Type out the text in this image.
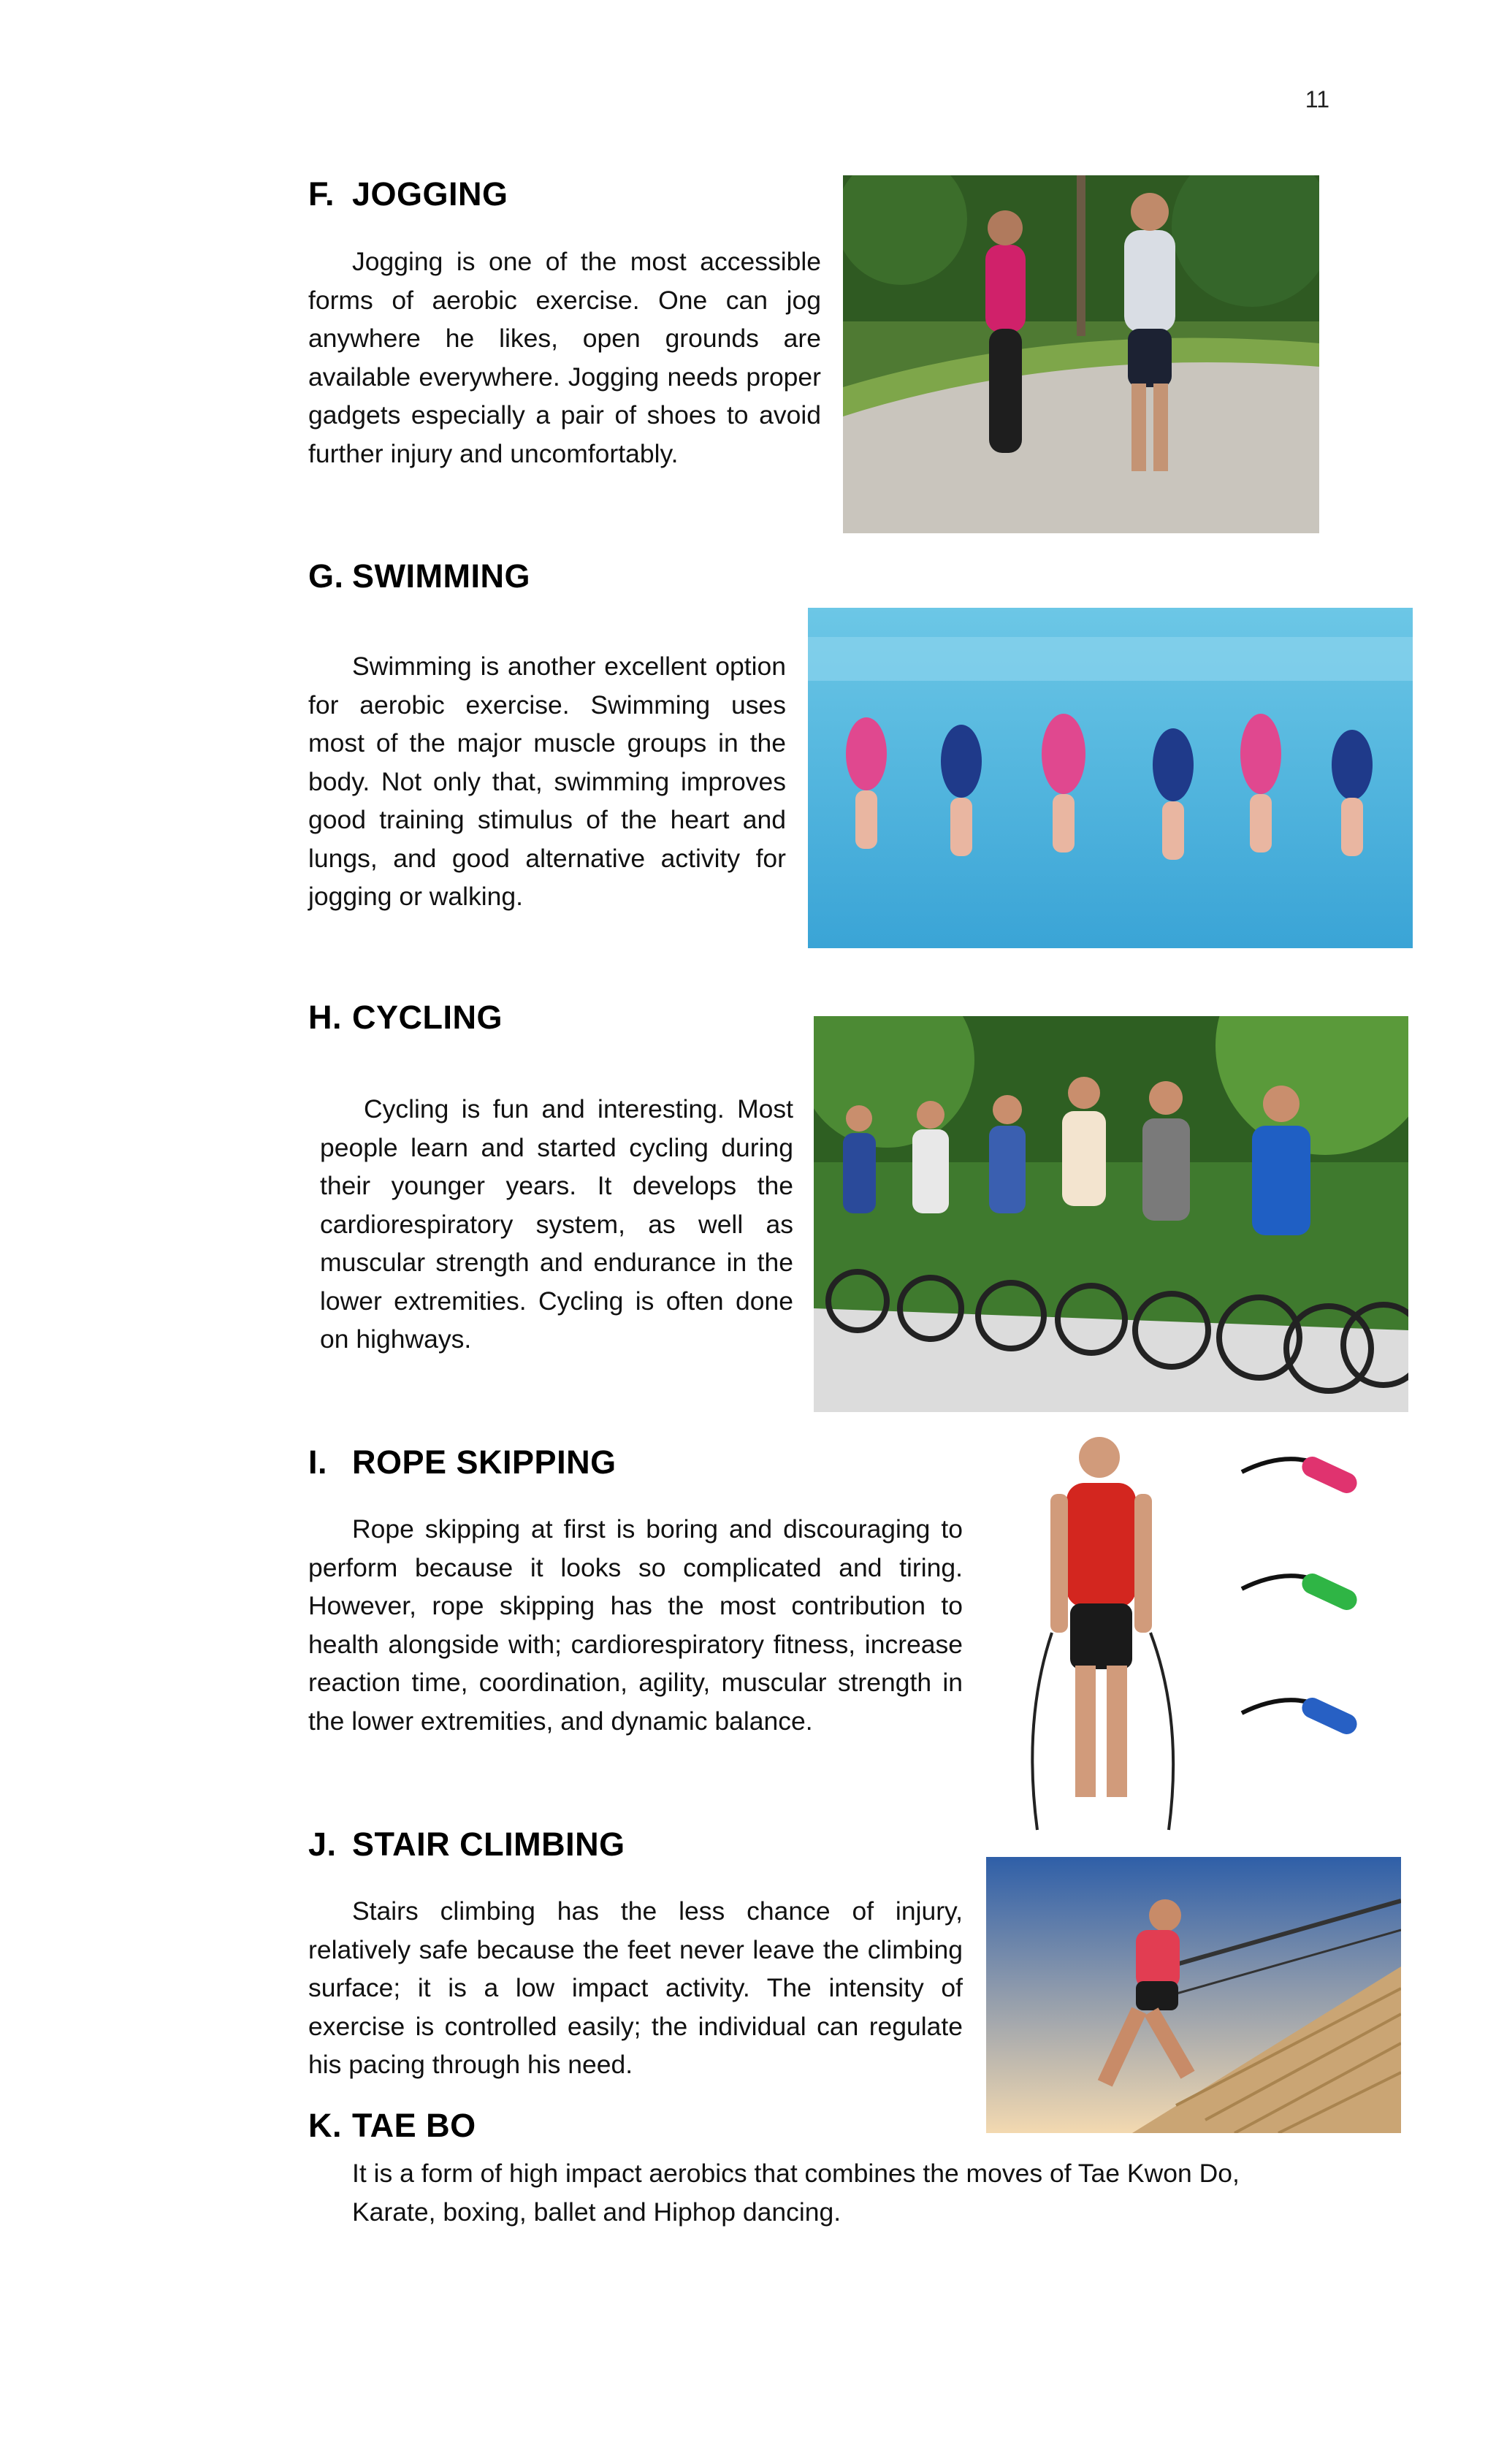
11
F. JOGGING

Jogging is one of the most accessible forms of aerobic exercise. One can jog anywhere he likes, open grounds are available everywhere. Jogging needs proper gadgets especially a pair of shoes to avoid further injury and uncomfortably.

G. SWIMMING

Swimming is another excellent option for aerobic exercise. Swimming uses most of the major muscle groups in the body. Not only that, swimming improves good training stimulus of the heart and lungs, and good alternative activity for jogging or walking.

H. CYCLING

Cycling is fun and interesting. Most people learn and started cycling during their younger years. It develops the cardiorespiratory system, as well as muscular strength and endurance in the lower extremities. Cycling is often done on highways.

I. ROPE SKIPPING

Rope skipping at first is boring and discouraging to perform because it looks so complicated and tiring. However, rope skipping has the most contribution to health alongside with; cardiorespiratory fitness, increase reaction time, coordination, agility, muscular strength in the lower extremities, and dynamic balance.

J. STAIR CLIMBING

Stairs climbing has the less chance of injury, relatively safe because the feet never leave the climbing surface; it is a low impact activity. The intensity of exercise is controlled easily; the individual can regulate his pacing through his need.

K. TAE BO
It is a form of high impact aerobics that combines the moves of Tae Kwon Do,
Karate, boxing, ballet and Hiphop dancing.
